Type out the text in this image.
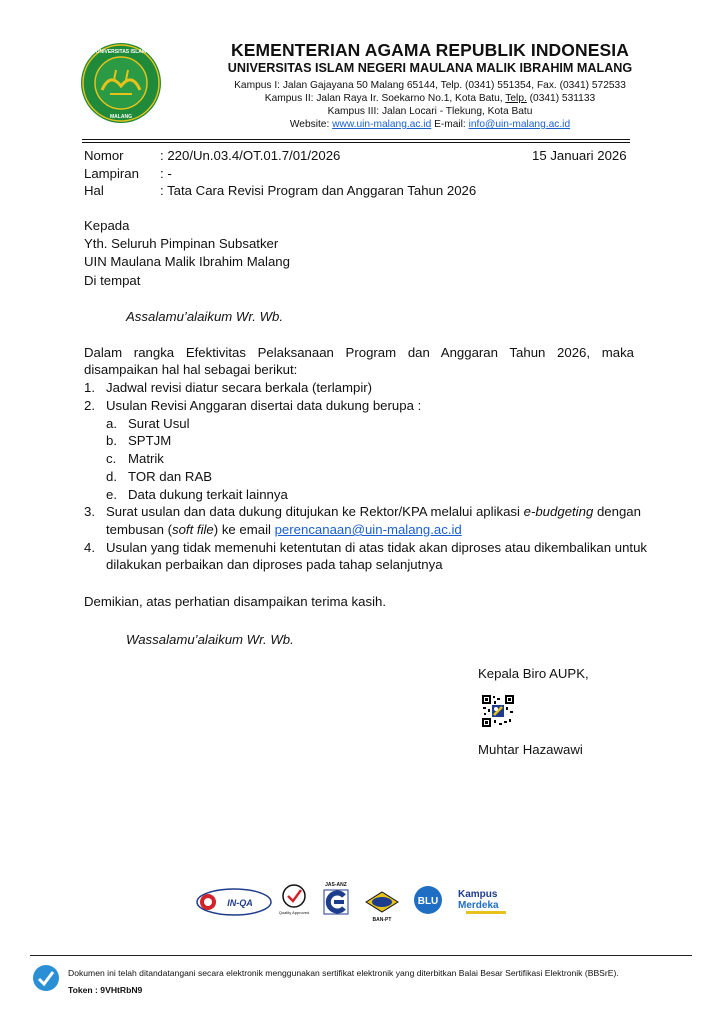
UNIVERSITAS ISLAM
MALANG
KEMENTERIAN AGAMA REPUBLIK INDONESIA
UNIVERSITAS ISLAM NEGERI MAULANA MALIK IBRAHIM MALANG
Kampus I: Jalan Gajayana 50 Malang 65144, Telp. (0341) 551354, Fax. (0341) 572533
Kampus II: Jalan Raya Ir. Soekarno No.1, Kota Batu, Telp. (0341) 531133
Kampus III: Jalan Locari - Tlekung, Kota Batu
Website: www.uin-malang.ac.id E-mail: info@uin-malang.ac.id
Nomor	: 220/Un.03.4/OT.01.7/01/2026	15 Januari 2026
Lampiran : -
Hal	: Tata Cara Revisi Program dan Anggaran Tahun 2026
Kepada
Yth. Seluruh Pimpinan Subsatker
UIN Maulana Malik Ibrahim Malang
Di tempat
Assalamu’alaikum Wr. Wb.
Dalam rangka Efektivitas Pelaksanaan Program dan Anggaran Tahun 2026, maka
disampaikan hal hal sebagai berikut:
1. Jadwal revisi diatur secara berkala (terlampir)
2. Usulan Revisi Anggaran disertai data dukung berupa :
a. Surat Usul
b. SPTJM
c. Matrik
d. TOR dan RAB
e. Data dukung terkait lainnya
3. Surat usulan dan data dukung ditujukan ke Rektor/KPA melalui aplikasi e-budgeting dengan
tembusan (soft file) ke email perencanaan@uin-malang.ac.id
4. Usulan yang tidak memenuhi ketentutan di atas tidak akan diproses atau dikembalikan untuk
dilakukan perbaikan dan diproses pada tahap selanjutnya
Demikian, atas perhatian disampaikan terima kasih.
Wassalamu’alaikum Wr. Wb.
Kepala Biro AUPK,
Muhtar Hazawawi
IN-QA
Quality Approved
JAS-ANZ
BAN-PT
BLU
Kampus
Merdeka
Dokumen ini telah ditandatangani secara elektronik menggunakan sertifikat elektronik yang diterbitkan Balai Besar Sertifikasi Elektronik (BBSrE).
Token : 9VHtRbN9
